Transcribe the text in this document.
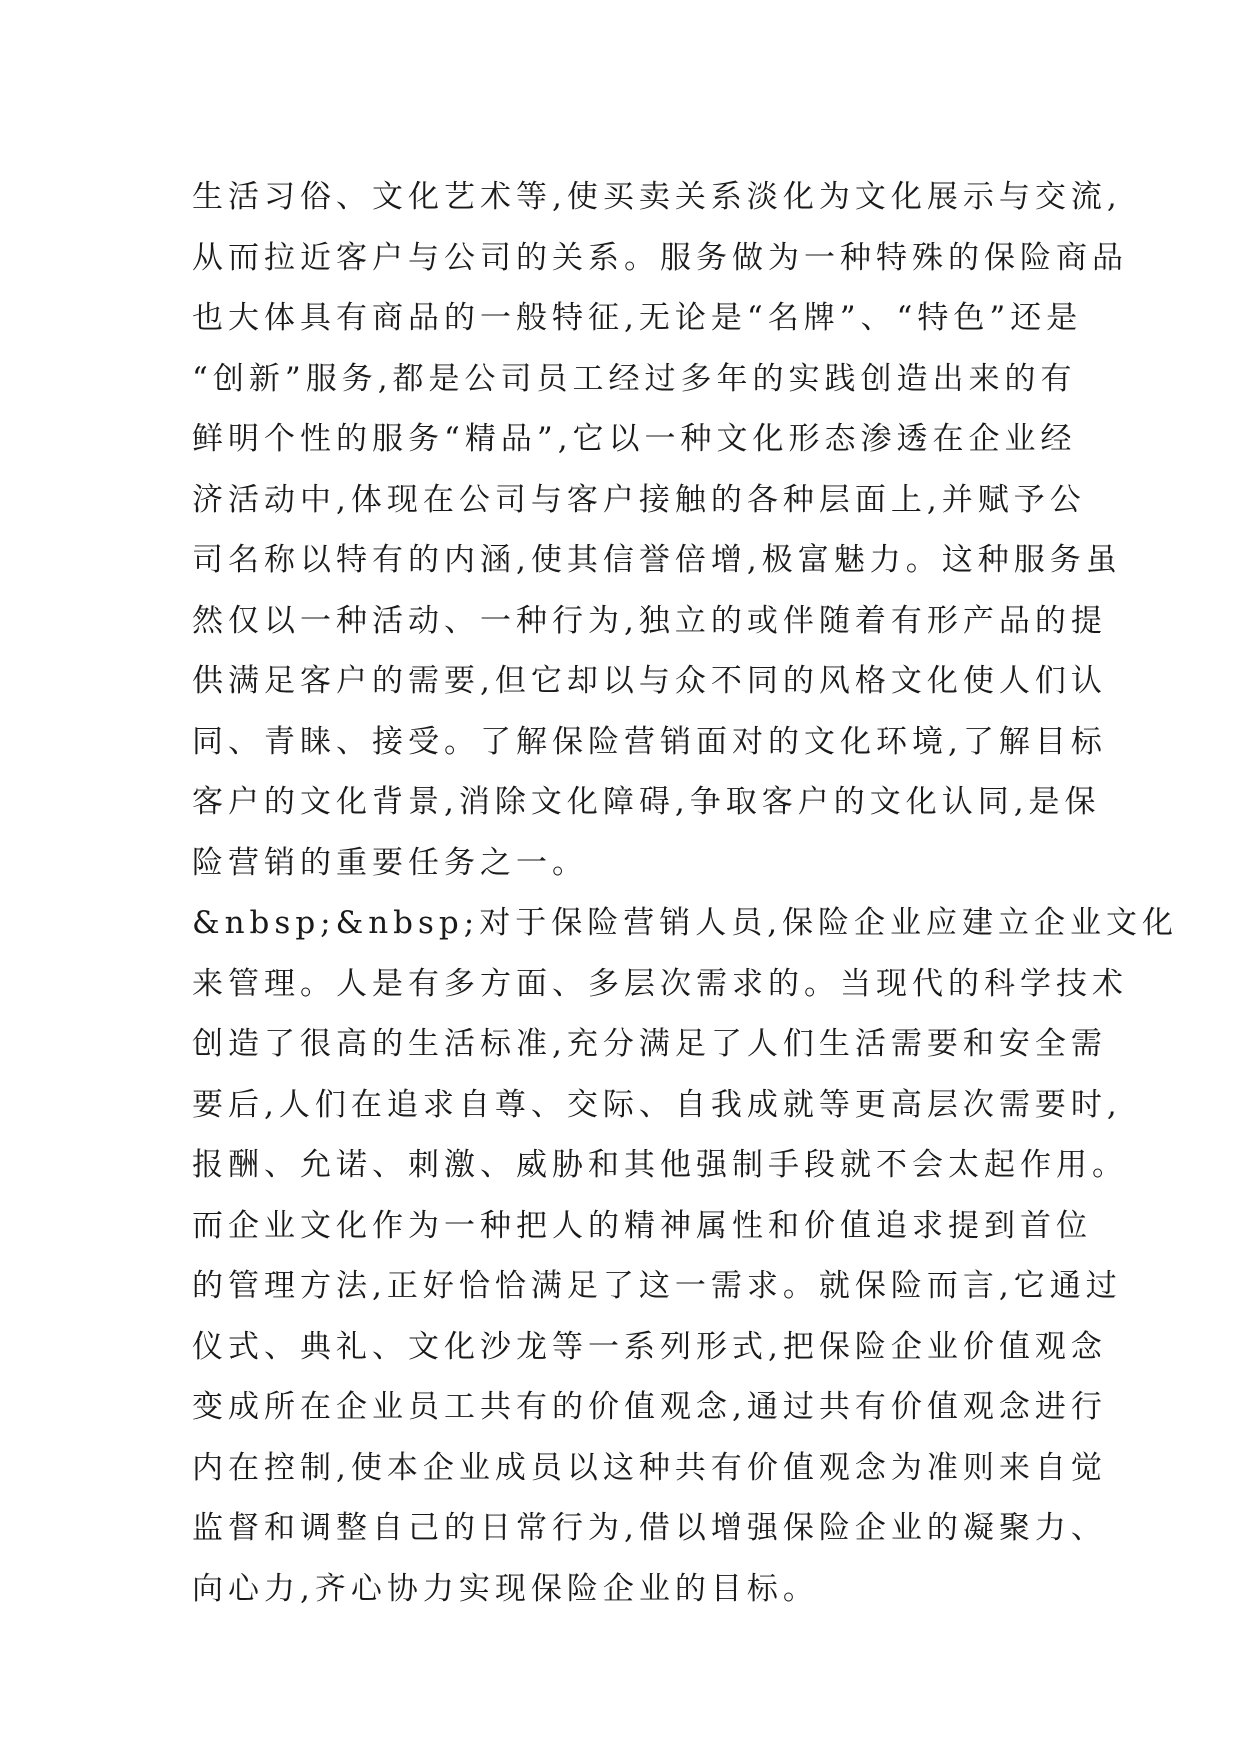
生活习俗、文化艺术等,使买卖关系淡化为文化展示与交流,
从而拉近客户与公司的关系。服务做为一种特殊的保险商品
也大体具有商品的一般特征,无论是“名牌”、“特色”还是
“创新”服务,都是公司员工经过多年的实践创造出来的有
鲜明个性的服务“精品”,它以一种文化形态渗透在企业经
济活动中,体现在公司与客户接触的各种层面上,并赋予公
司名称以特有的内涵,使其信誉倍增,极富魅力。这种服务虽
然仅以一种活动、一种行为,独立的或伴随着有形产品的提
供满足客户的需要,但它却以与众不同的风格文化使人们认
同、青睐、接受。了解保险营销面对的文化环境,了解目标
客户的文化背景,消除文化障碍,争取客户的文化认同,是保
险营销的重要任务之一。
&nbsp;&nbsp;对于保险营销人员,保险企业应建立企业文化
来管理。人是有多方面、多层次需求的。当现代的科学技术
创造了很高的生活标准,充分满足了人们生活需要和安全需
要后,人们在追求自尊、交际、自我成就等更高层次需要时,
报酬、允诺、刺激、威胁和其他强制手段就不会太起作用。
而企业文化作为一种把人的精神属性和价值追求提到首位
的管理方法,正好恰恰满足了这一需求。就保险而言,它通过
仪式、典礼、文化沙龙等一系列形式,把保险企业价值观念
变成所在企业员工共有的价值观念,通过共有价值观念进行
内在控制,使本企业成员以这种共有价值观念为准则来自觉
监督和调整自己的日常行为,借以增强保险企业的凝聚力、
向心力,齐心协力实现保险企业的目标。
